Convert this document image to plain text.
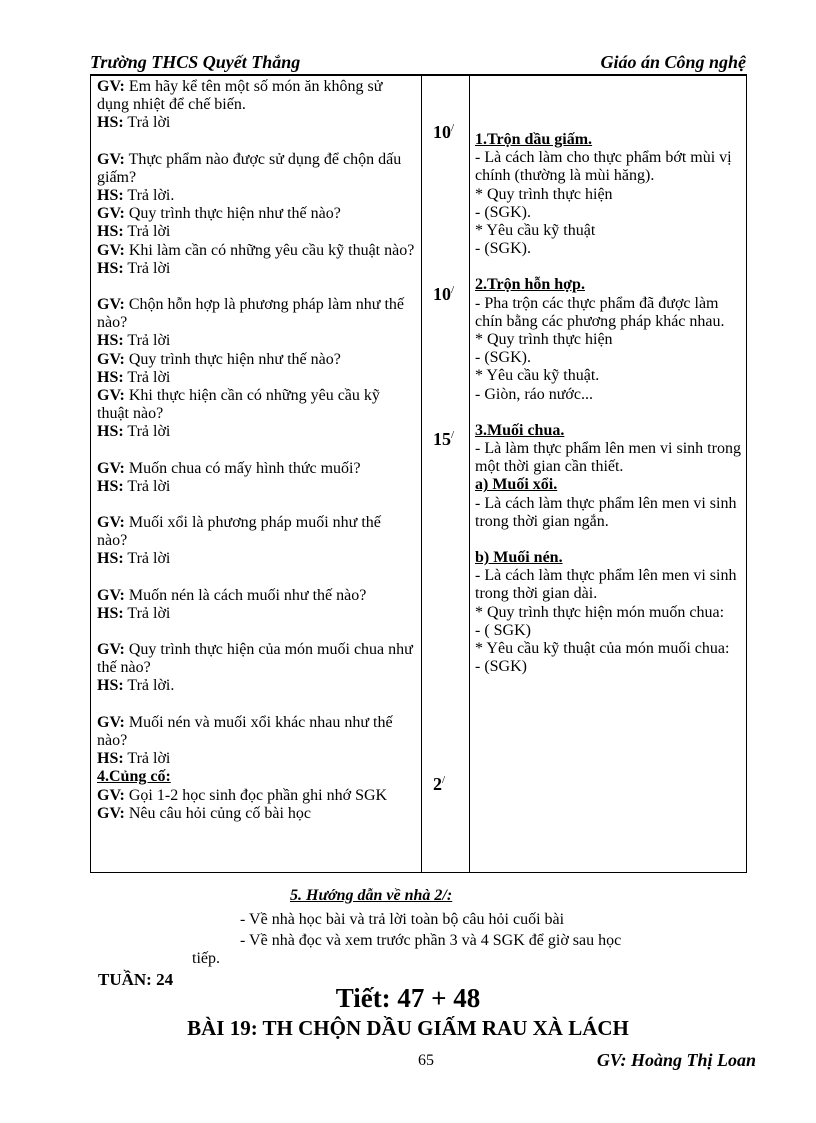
Trường THCS Quyết Thắng	Giáo án Công nghệ

GV: Em hãy kể tên một số món ăn không sử dụng nhiệt để chế biến.

HS: Trả lời

GV: Thực phẩm nào được sử dụng để chộn dấu giấm?

HS: Trả lời.

GV: Quy trình thực hiện như thế nào?

HS: Trả lời

GV: Khi làm cần có những yêu cầu kỹ thuật nào?

HS: Trả lời

GV: Chộn hỗn hợp là phương pháp làm như thế nào?

HS: Trả lời

GV: Quy trình thực hiện như thế nào?

HS: Trả lời

GV: Khi thực hiện cần có những yêu cầu kỹ thuật nào?

HS: Trả lời

GV: Muốn chua có mấy hình thức muối?

HS: Trả lời

GV: Muối xổi là phương pháp muối như thế nào?

HS: Trả lời

GV: Muốn nén là cách muối như thế nào?

HS: Trả lời

GV: Quy trình thực hiện của món muối chua như thế nào?

HS: Trả lời.

GV: Muối nén và muối xổi khác nhau như thế nào?

HS: Trả lời

4.Củng cố:

GV: Gọi 1-2 học sinh đọc phần ghi nhớ SGK

GV: Nêu câu hỏi củng cố bài học

10/
10/
15/
2/

1.Trộn dầu giấm.

- Là cách làm cho thực phẩm bớt mùi vị chính (thường là mùi hăng).

* Quy trình thực hiện

- (SGK).

* Yêu cầu kỹ thuật

- (SGK).

2.Trộn hỗn hợp.

- Pha trộn các thực phẩm đã được làm chín bằng các phương pháp khác nhau.

* Quy trình thực hiện

- (SGK).

* Yêu cầu kỹ thuật.

- Giòn, ráo nước...

3.Muối chua.

- Là làm thực phẩm lên men vi sinh trong một thời gian cần thiết.

a) Muối xổi.

- Là cách làm thực phẩm lên men vi sinh trong thời gian ngắn.

b) Muối nén.

- Là cách làm thực phẩm lên men vi sinh trong thời gian dài.

* Quy trình thực hiện món muốn chua:

- ( SGK)

* Yêu cầu kỹ thuật của món muối chua:

- (SGK)

5. Hướng dẫn về nhà 2/:
- Về nhà học bài và trả lời toàn bộ câu hỏi cuối bài
- Về nhà đọc và xem trước phần 3 và 4 SGK để giờ sau học
tiếp.
TUẦN: 24
Tiết: 47 + 48
BÀI 19: TH CHỘN DẦU GIẤM RAU XÀ LÁCH
65	GV: Hoàng Thị Loan
